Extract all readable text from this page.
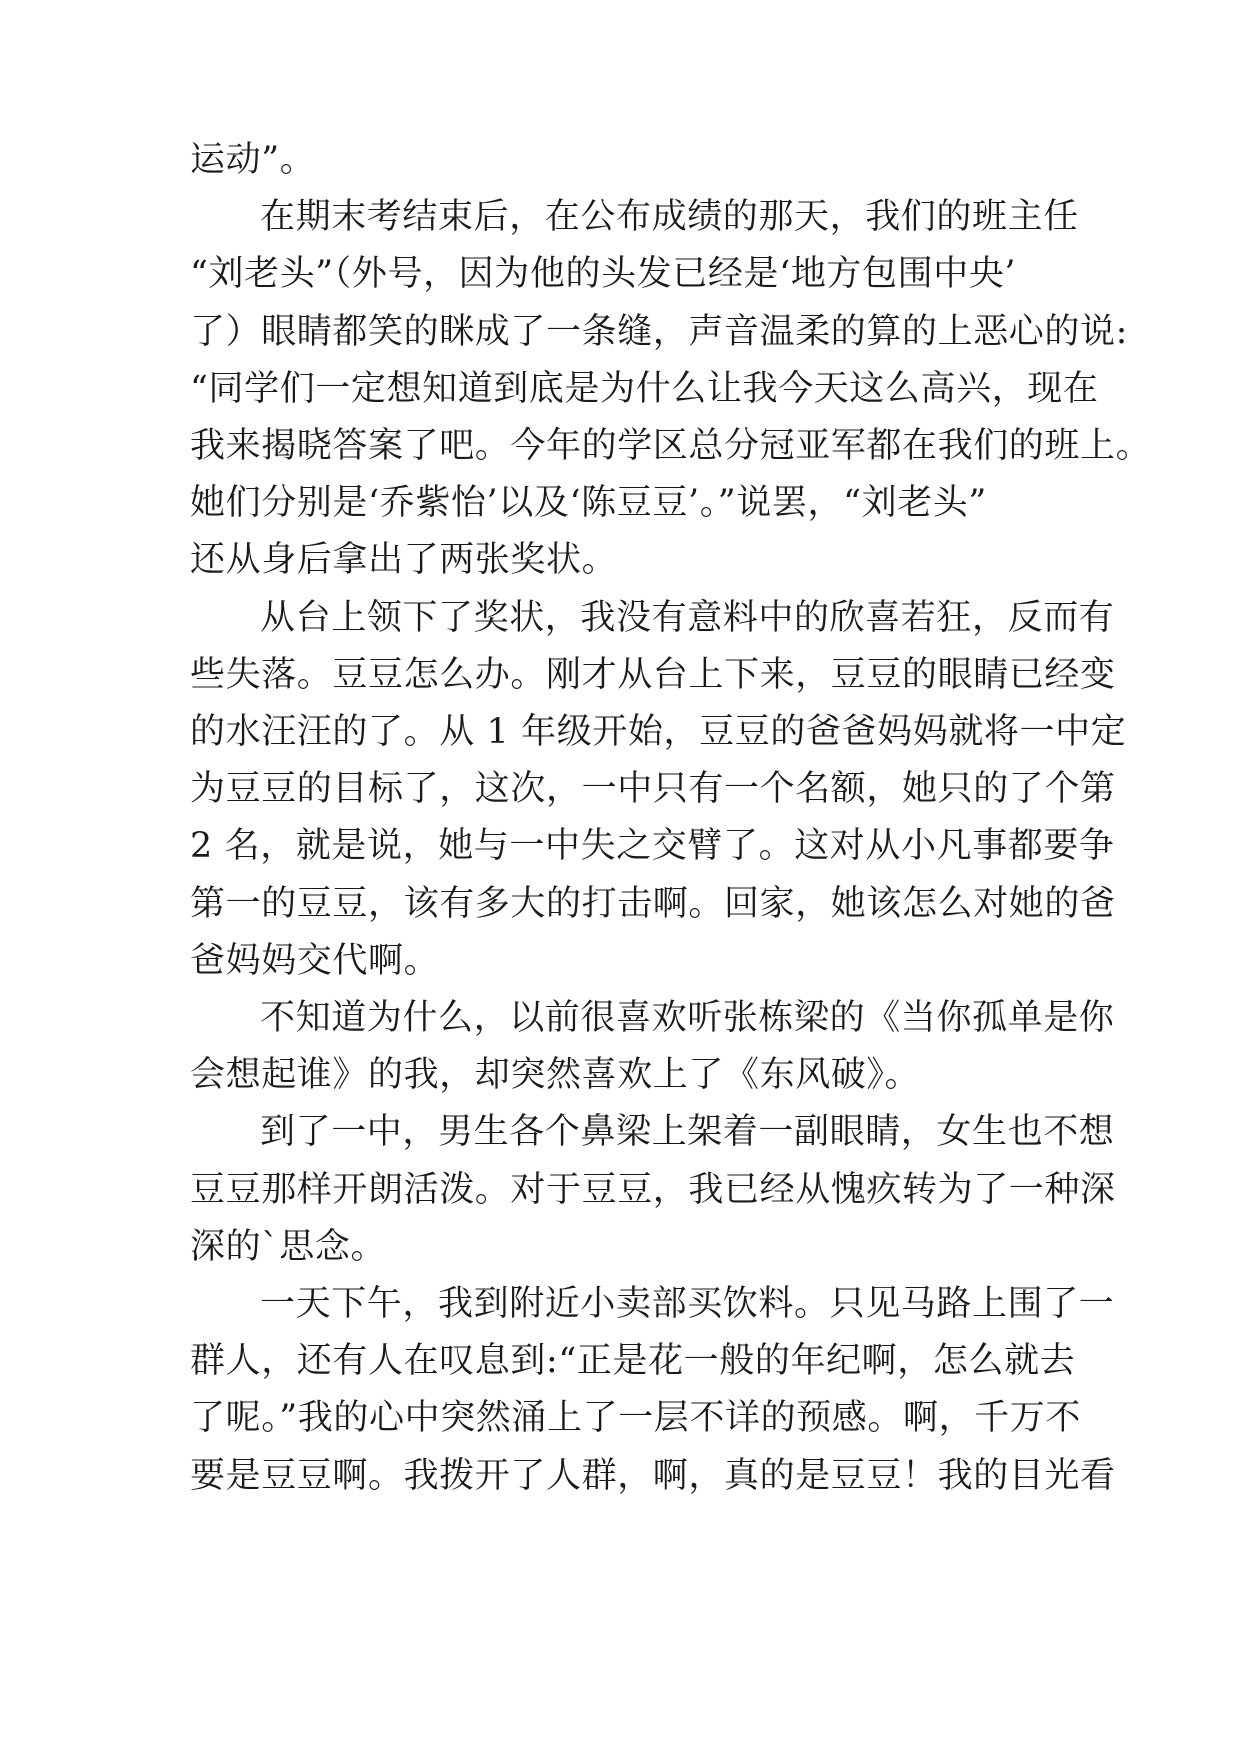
运动”。
在期末考结束后，在公布成绩的那天，我们的班主任
“刘老头”（外号，因为他的头发已经是‘地方包围中央’
了）眼睛都笑的眯成了一条缝，声音温柔的算的上恶心的说:
“同学们一定想知道到底是为什么让我今天这么高兴，现在
我来揭晓答案了吧。今年的学区总分冠亚军都在我们的班上。
她们分别是‘乔紫怡’以及‘陈豆豆’。”说罢，“刘老头”
还从身后拿出了两张奖状。
从台上领下了奖状，我没有意料中的欣喜若狂，反而有
些失落。豆豆怎么办。刚才从台上下来，豆豆的眼睛已经变
的水汪汪的了。从 1 年级开始，豆豆的爸爸妈妈就将一中定
为豆豆的目标了，这次，一中只有一个名额，她只的了个第
2 名，就是说，她与一中失之交臂了。这对从小凡事都要争
第一的豆豆，该有多大的打击啊。回家，她该怎么对她的爸
爸妈妈交代啊。
不知道为什么，以前很喜欢听张栋梁的《当你孤单是你
会想起谁》的我，却突然喜欢上了《东风破》。
到了一中，男生各个鼻梁上架着一副眼睛，女生也不想
豆豆那样开朗活泼。对于豆豆，我已经从愧疚转为了一种深
深的`思念。
一天下午，我到附近小卖部买饮料。只见马路上围了一
群人，还有人在叹息到:“正是花一般的年纪啊，怎么就去
了呢。”我的心中突然涌上了一层不详的预感。啊，千万不
要是豆豆啊。我拨开了人群，啊，真的是豆豆！我的目光看
